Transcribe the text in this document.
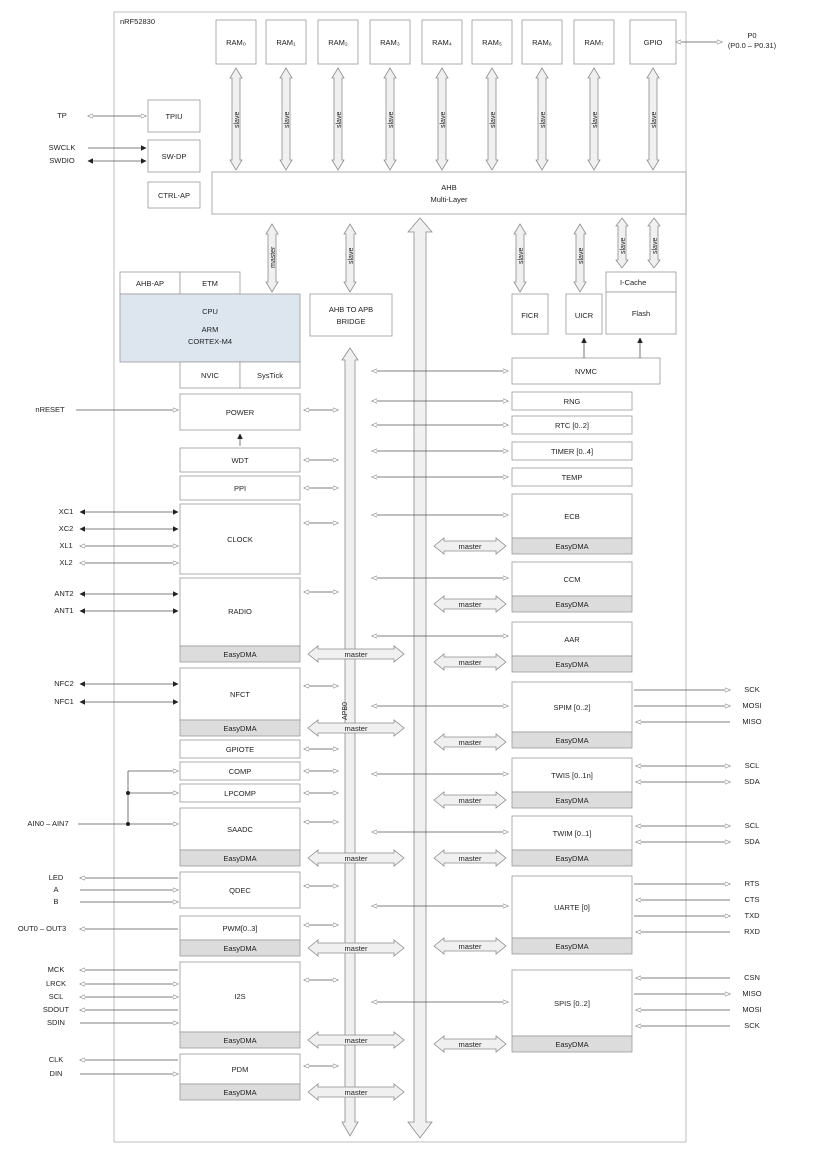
nRF52830
APB0
RAM₀	RAM₁	RAM₂	RAM₃	RAM₄	RAM₅	RAM₆	RAM₇	GPIO
P0
(P0.0 – P0.31)
slave	slave	slave	slave	slave	slave	slave	slave	slave
AHB
Multi-Layer
TPIU
SW-DP
CTRL-AP
TP
SWCLK
SWDIO
master	slave	slave	slave
slave	slave
AHB-AP	ETM
CPU
ARM
CORTEX-M4
NVIC	SysTick
AHB TO APB
BRIDGE
FICR	UICR
I-Cache
Flash
NVMC
RNG
RTC [0..2]
TIMER [0..4]
TEMP
ECB
EasyDMA
CCM
EasyDMA
AAR
EasyDMA
SPIM [0..2]
EasyDMA
TWIS [0..1n]
EasyDMA
TWIM [0..1]
EasyDMA
UARTE [0]
EasyDMA
SPIS [0..2]
EasyDMA
master
master
master
master
master
master
master
master
POWER
WDT
PPI
CLOCK
RADIO
EasyDMA
NFCT
EasyDMA
GPIOTE
COMP
LPCOMP
SAADC
EasyDMA
QDEC
PWM[0..3]
EasyDMA
I2S
EasyDMA
PDM
EasyDMA
master
master
master
master
master
master
nRESET
XC1
XC2
XL1
XL2
ANT2
ANT1
NFC2
NFC1
AIN0 – AIN7
LED
A
B
OUT0 – OUT3
MCK
LRCK
SCL
SDOUT
SDIN
CLK
DIN
SCK
MOSI
MISO
SCL
SDA
SCL
SDA
RTS
CTS
TXD
RXD
CSN
MISO
MOSI
SCK
